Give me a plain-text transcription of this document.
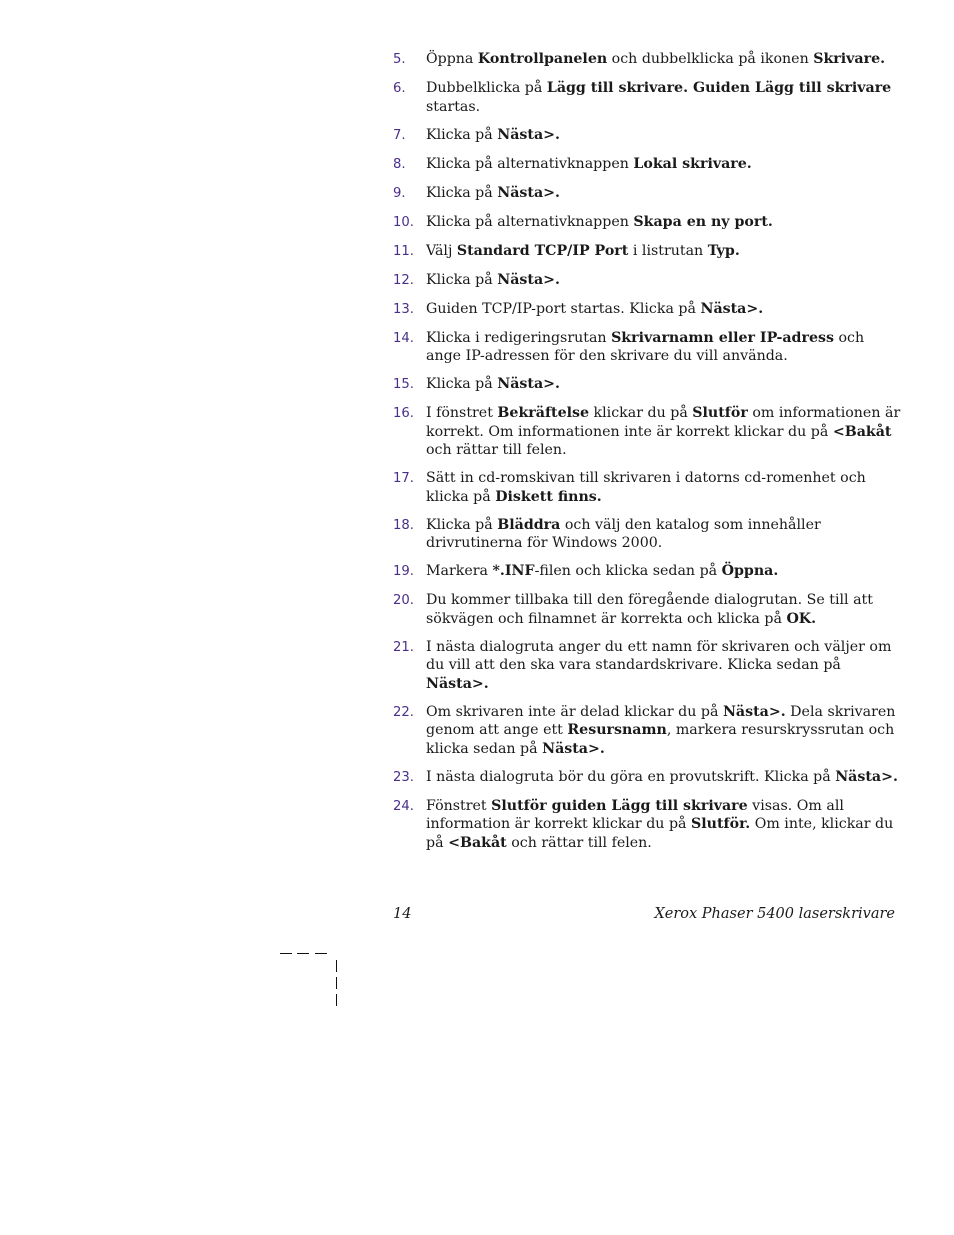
5.	Öppna Kontrollpanelen och dubbelklicka på ikonen Skrivare.
6.	Dubbelklicka på Lägg till skrivare. Guiden Lägg till skrivare startas.
7.	Klicka på Nästa>.
8.	Klicka på alternativknappen Lokal skrivare.
9.	Klicka på Nästa>.
10. Klicka på alternativknappen Skapa en ny port.
11. Välj Standard TCP/IP Port i listrutan Typ.
12. Klicka på Nästa>.
13. Guiden TCP/IP-port startas. Klicka på Nästa>.
14. Klicka i redigeringsrutan Skrivarnamn eller IP-adress och ange IP-adressen för den skrivare du vill använda.
15. Klicka på Nästa>.
16. I fönstret Bekräftelse klickar du på Slutför om informationen är korrekt. Om informationen inte är korrekt klickar du på <Bakåt och rättar till felen.
17. Sätt in cd-romskivan till skrivaren i datorns cd-romenhet och klicka på Diskett finns.
18. Klicka på Bläddra och välj den katalog som innehåller drivrutinerna för Windows 2000.
19. Markera *.INF-filen och klicka sedan på Öppna.
20. Du kommer tillbaka till den föregående dialogrutan. Se till att sökvägen och filnamnet är korrekta och klicka på OK.
21. I nästa dialogruta anger du ett namn för skrivaren och väljer om du vill att den ska vara standardskrivare. Klicka sedan på Nästa>.
22. Om skrivaren inte är delad klickar du på Nästa>. Dela skrivaren genom att ange ett Resursnamn, markera resurskryssrutan och klicka sedan på Nästa>.
23. I nästa dialogruta bör du göra en provutskrift. Klicka på Nästa>.
24. Fönstret Slutför guiden Lägg till skrivare visas. Om all information är korrekt klickar du på Slutför. Om inte, klickar du på <Bakåt och rättar till felen.
14	Xerox Phaser 5400 laserskrivare
